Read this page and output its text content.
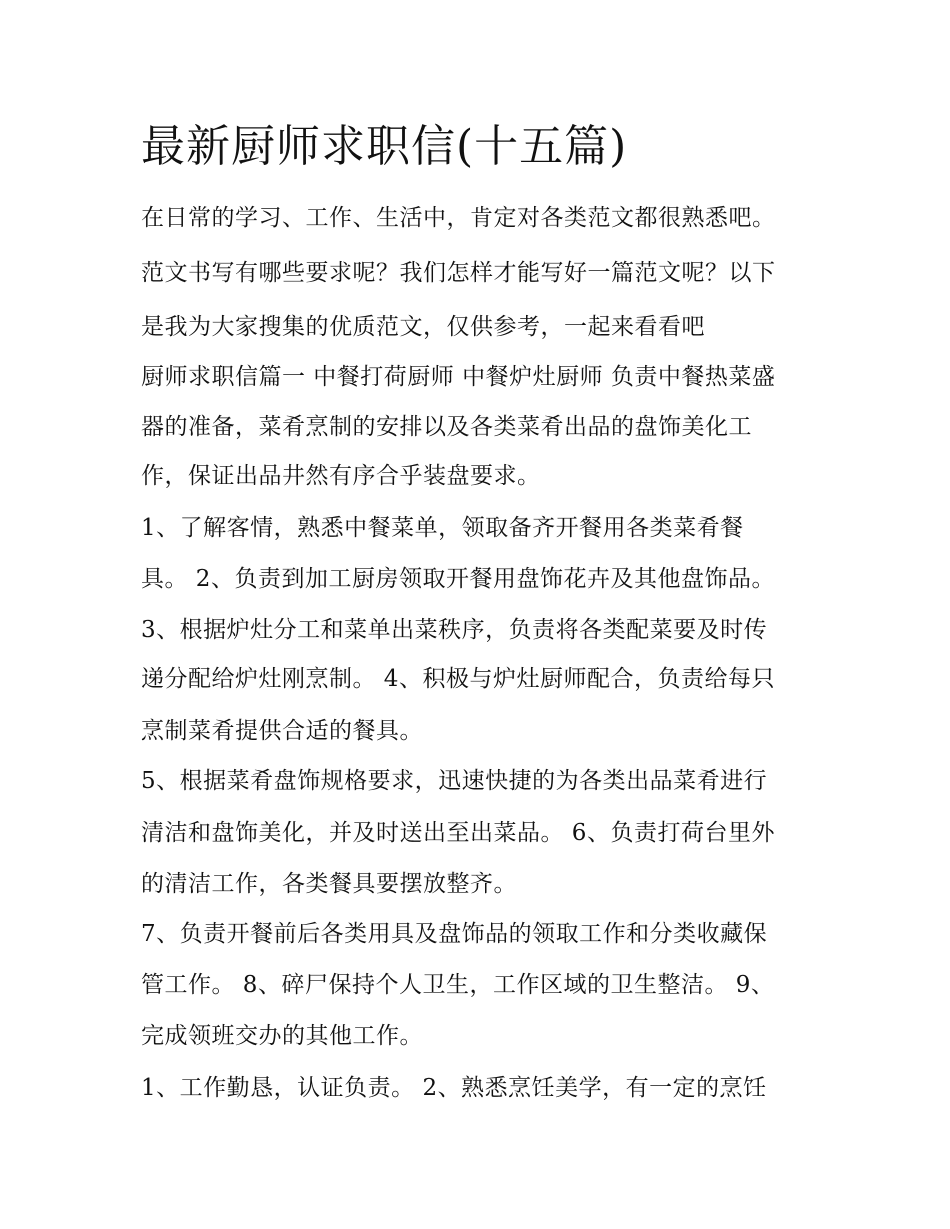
最新厨师求职信(十五篇)

在日常的学习、工作、生活中，肯定对各类范文都很熟悉吧。

范文书写有哪些要求呢？我们怎样才能写好一篇范文呢？以下

是我为大家搜集的优质范文，仅供参考，一起来看看吧

厨师求职信篇一 中餐打荷厨师 中餐炉灶厨师 负责中餐热菜盛

器的准备，菜肴烹制的安排以及各类菜肴出品的盘饰美化工

作，保证出品井然有序合乎装盘要求。

1、了解客情，熟悉中餐菜单，领取备齐开餐用各类菜肴餐

具。 2、负责到加工厨房领取开餐用盘饰花卉及其他盘饰品。

3、根据炉灶分工和菜单出菜秩序，负责将各类配菜要及时传

递分配给炉灶刚烹制。 4、积极与炉灶厨师配合，负责给每只

烹制菜肴提供合适的餐具。

5、根据菜肴盘饰规格要求，迅速快捷的为各类出品菜肴进行

清洁和盘饰美化，并及时送出至出菜品。 6、负责打荷台里外

的清洁工作，各类餐具要摆放整齐。

7、负责开餐前后各类用具及盘饰品的领取工作和分类收藏保

管工作。 8、碎尸保持个人卫生，工作区域的卫生整洁。 9、

完成领班交办的其他工作。

1、工作勤恳，认证负责。 2、熟悉烹饪美学，有一定的烹饪
